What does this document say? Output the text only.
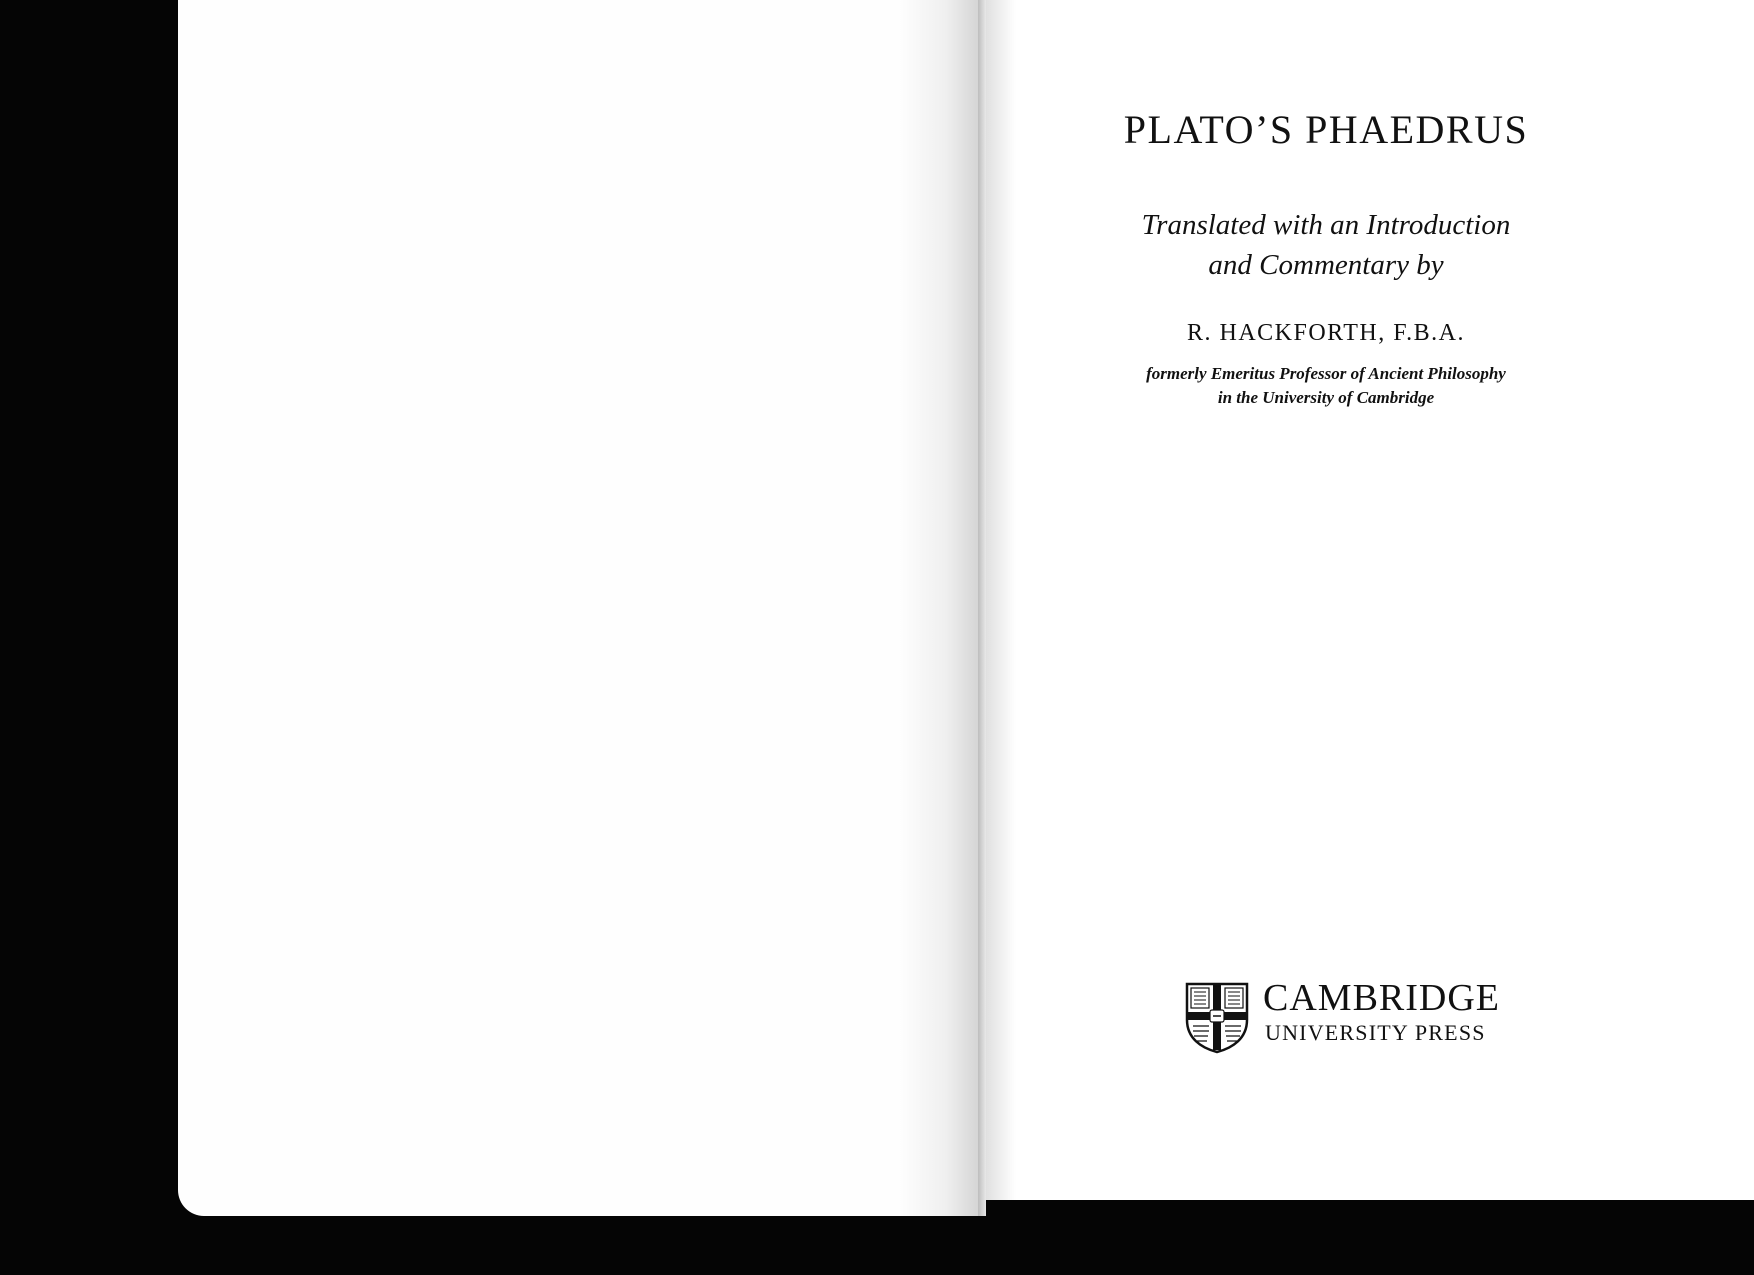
PLATO’S PHAEDRUS
Translated with an Introduction
and Commentary by
R. HACKFORTH, F.B.A.
formerly Emeritus Professor of Ancient Philosophy
in the University of Cambridge
CAMBRIDGE
UNIVERSITY PRESS
